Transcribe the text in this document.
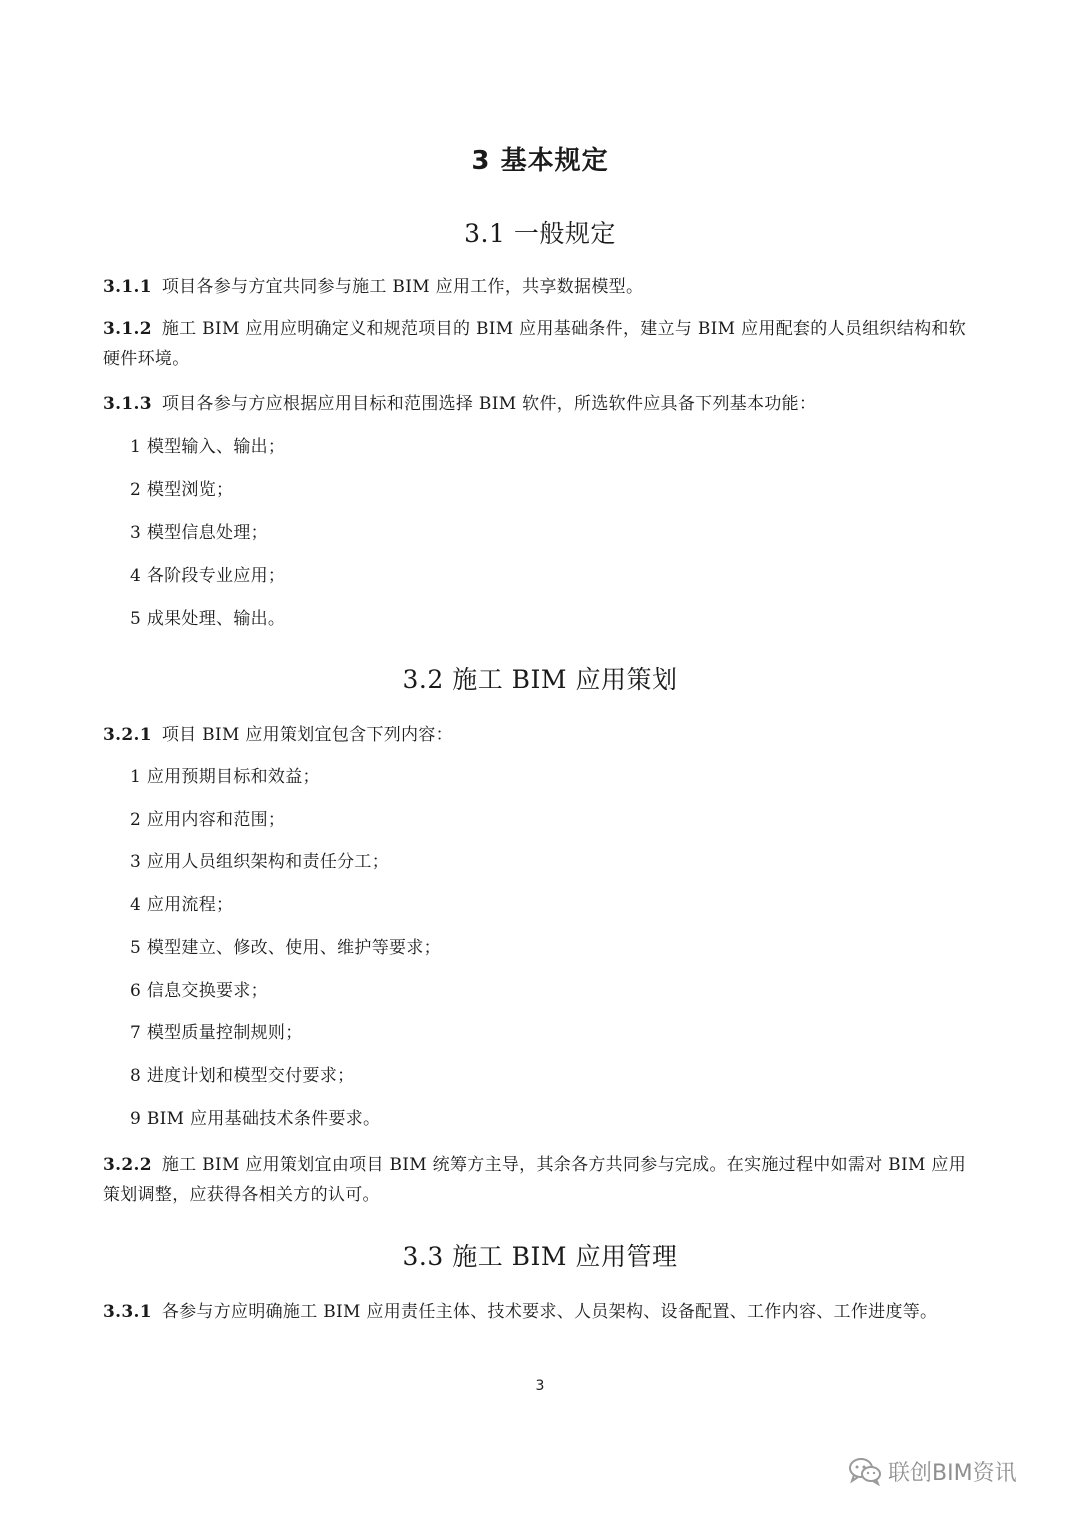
3 基本规定
3.1 一般规定
3.1.1 项目各参与方宜共同参与施工 BIM 应用工作，共享数据模型。
3.1.2 施工 BIM 应用应明确定义和规范项目的 BIM 应用基础条件，建立与 BIM 应用配套的人员组织结构和软硬件环境。
3.1.3 项目各参与方应根据应用目标和范围选择 BIM 软件，所选软件应具备下列基本功能：
1 模型输入、输出；
2 模型浏览；
3 模型信息处理；
4 各阶段专业应用；
5 成果处理、输出。
3.2 施工 BIM 应用策划
3.2.1 项目 BIM 应用策划宜包含下列内容：
1 应用预期目标和效益；
2 应用内容和范围；
3 应用人员组织架构和责任分工；
4 应用流程；
5 模型建立、修改、使用、维护等要求；
6 信息交换要求；
7 模型质量控制规则；
8 进度计划和模型交付要求；
9 BIM 应用基础技术条件要求。
3.2.2 施工 BIM 应用策划宜由项目 BIM 统筹方主导，其余各方共同参与完成。在实施过程中如需对 BIM 应用策划调整，应获得各相关方的认可。
3.3 施工 BIM 应用管理
3.3.1 各参与方应明确施工 BIM 应用责任主体、技术要求、人员架构、设备配置、工作内容、工作进度等。
3
联创BIM资讯
